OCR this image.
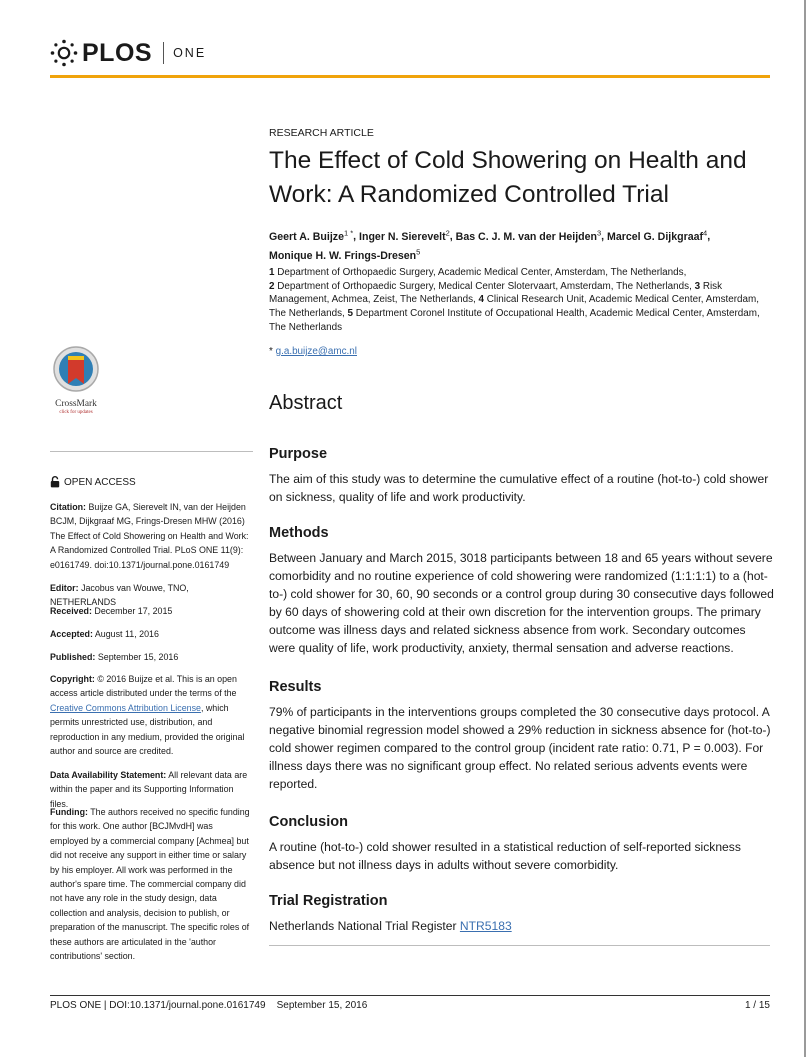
PLOS ONE
RESEARCH ARTICLE
The Effect of Cold Showering on Health and Work: A Randomized Controlled Trial
Geert A. Buijze$^{1 *}$, Inger N. Sierevelt$^2$, Bas C. J. M. van der Heijden$^3$, Marcel G. Dijkgraaf$^4$,
Monique H. W. Frings-Dresen$^5$
1 Department of Orthopaedic Surgery, Academic Medical Center, Amsterdam, The Netherlands,
2 Department of Orthopaedic Surgery, Medical Center Slotervaart, Amsterdam, The Netherlands, 3 Risk Management, Achmea, Zeist, The Netherlands, 4 Clinical Research Unit, Academic Medical Center, Amsterdam, The Netherlands, 5 Department Coronel Institute of Occupational Health, Academic Medical Center, Amsterdam, The Netherlands
* g.a.buijze@amc.nl
CrossMark
click for updates
OPEN ACCESS

Citation: Buijze GA, Sierevelt IN, van der Heijden BCJM, Dijkgraaf MG, Frings-Dresen MHW (2016) The Effect of Cold Showering on Health and Work: A Randomized Controlled Trial. PLoS ONE 11(9): e0161749. doi:10.1371/journal.pone.0161749

Editor: Jacobus van Wouwe, TNO, NETHERLANDS

Received: December 17, 2015

Accepted: August 11, 2016

Published: September 15, 2016

Copyright: © 2016 Buijze et al. This is an open access article distributed under the terms of the Creative Commons Attribution License, which permits unrestricted use, distribution, and reproduction in any medium, provided the original author and source are credited.

Data Availability Statement: All relevant data are within the paper and its Supporting Information files.

Funding: The authors received no specific funding for this work. One author [BCJMvdH] was employed by a commercial company [Achmea] but did not receive any support in either time or salary by his employer. All work was performed in the author's spare time. The commercial company did not have any role in the study design, data collection and analysis, decision to publish, or preparation of the manuscript. The specific roles of these authors are articulated in the 'author contributions' section.

Abstract
Purpose

The aim of this study was to determine the cumulative effect of a routine (hot-to-) cold shower on sickness, quality of life and work productivity.

Methods

Between January and March 2015, 3018 participants between 18 and 65 years without severe comorbidity and no routine experience of cold showering were randomized (1:1:1:1) to a (hot-to-) cold shower for 30, 60, 90 seconds or a control group during 30 consecutive days followed by 60 days of showering cold at their own discretion for the intervention groups. The primary outcome was illness days and related sickness absence from work. Secondary outcomes were quality of life, work productivity, anxiety, thermal sensation and adverse reactions.

Results

79% of participants in the interventions groups completed the 30 consecutive days protocol. A negative binomial regression model showed a 29% reduction in sickness absence for (hot-to-) cold shower regimen compared to the control group (incident rate ratio: 0.71, P = 0.003). For illness days there was no significant group effect. No related serious advents events were reported.

Conclusion

A routine (hot-to-) cold shower resulted in a statistical reduction of self-reported sickness absence but not illness days in adults without severe comorbidity.

Trial Registration

Netherlands National Trial Register NTR5183

PLOS ONE | DOI:10.1371/journal.pone.0161749    September 15, 2016	1 / 15
